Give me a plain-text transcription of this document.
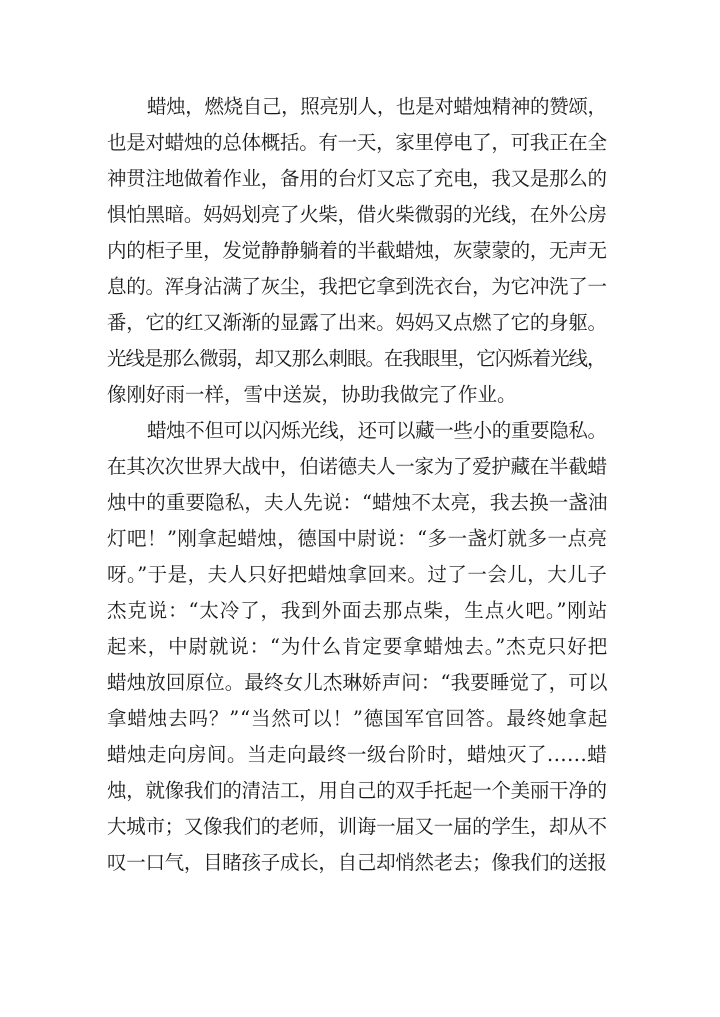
蜡烛，燃烧自己，照亮别人，也是对蜡烛精神的赞颂，
也是对蜡烛的总体概括。有一天，家里停电了，可我正在全
神贯注地做着作业，备用的台灯又忘了充电，我又是那么的
惧怕黑暗。妈妈划亮了火柴，借火柴微弱的光线，在外公房
内的柜子里，发觉静静躺着的半截蜡烛，灰蒙蒙的，无声无
息的。浑身沾满了灰尘，我把它拿到洗衣台，为它冲洗了一
番，它的红又渐渐的显露了出来。妈妈又点燃了它的身躯。
光线是那么微弱，却又那么刺眼。在我眼里，它闪烁着光线，
像刚好雨一样，雪中送炭，协助我做完了作业。
蜡烛不但可以闪烁光线，还可以藏一些小的重要隐私。
在其次次世界大战中，伯诺德夫人一家为了爱护藏在半截蜡
烛中的重要隐私，夫人先说：“蜡烛不太亮，我去换一盏油
灯吧！”刚拿起蜡烛，德国中尉说：“多一盏灯就多一点亮
呀。”于是，夫人只好把蜡烛拿回来。过了一会儿，大儿子
杰克说：“太冷了，我到外面去那点柴，生点火吧。”刚站
起来，中尉就说：“为什么肯定要拿蜡烛去。”杰克只好把
蜡烛放回原位。最终女儿杰琳娇声问：“我要睡觉了，可以
拿蜡烛去吗？”“当然可以！”德国军官回答。最终她拿起
蜡烛走向房间。当走向最终一级台阶时，蜡烛灭了......蜡
烛，就像我们的清洁工，用自己的双手托起一个美丽干净的
大城市；又像我们的老师，训诲一届又一届的学生，却从不
叹一口气，目睹孩子成长，自己却悄然老去；像我们的送报
